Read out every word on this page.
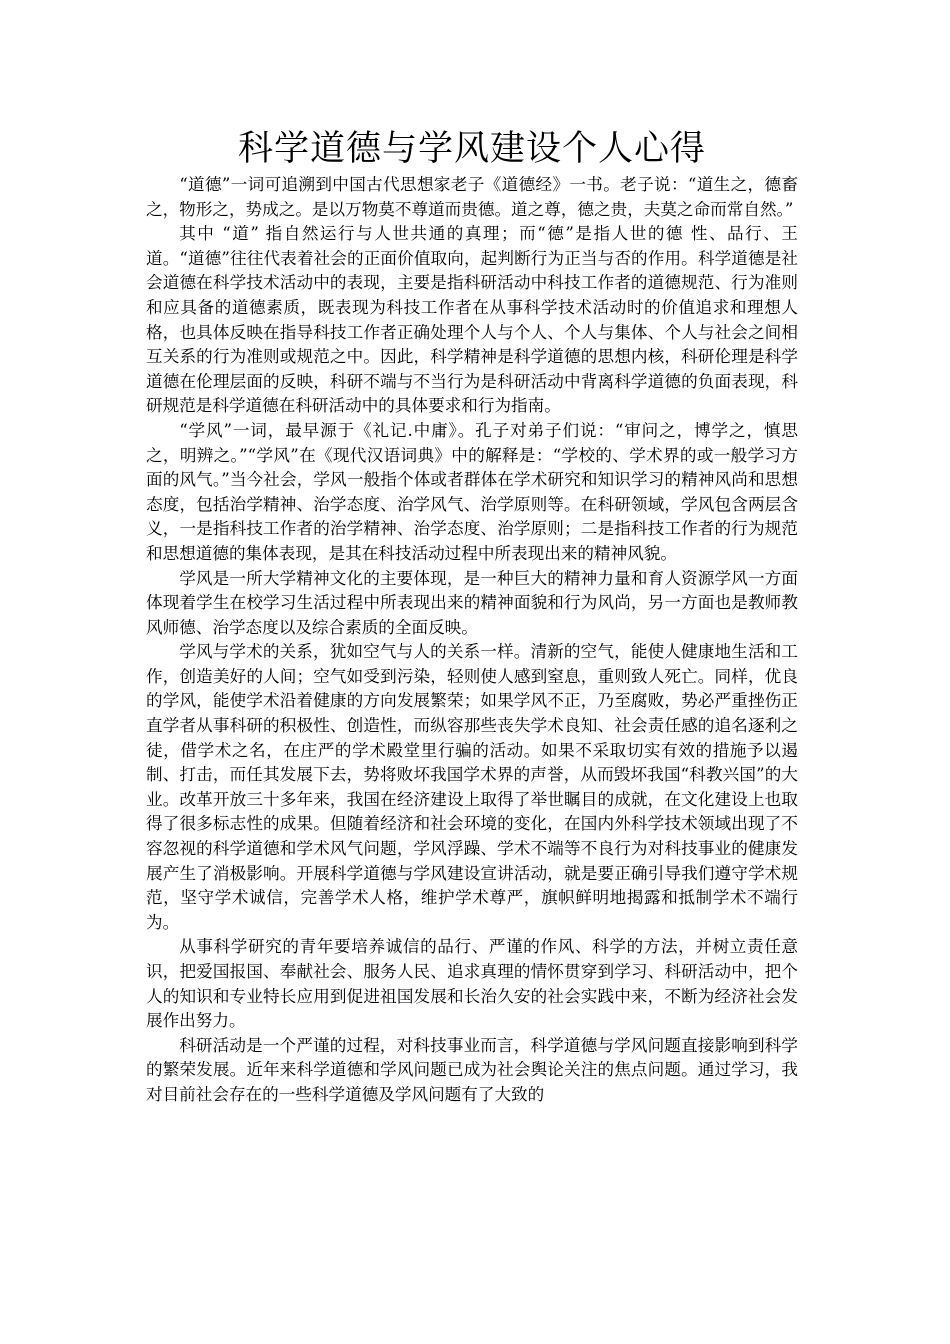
科学道德与学风建设个人心得

“道德”一词可追溯到中国古代思想家老子《道德经》一书。老子说：“道生之，德畜之，物形之，势成之。是以万物莫不尊道而贵德。道之尊，德之贵，夫莫之命而常自然。”

其中 “道” 指自然运行与人世共通的真理；而“德”是指人世的德 性、品行、王道。“道德”往往代表着社会的正面价值取向，起判断行为正当与否的作用。科学道德是社会道德在科学技术活动中的表现，主要是指科研活动中科技工作者的道德规范、行为准则和应具备的道德素质，既表现为科技工作者在从事科学技术活动时的价值追求和理想人格，也具体反映在指导科技工作者正确处理个人与个人、个人与集体、个人与社会之间相互关系的行为准则或规范之中。因此，科学精神是科学道德的思想内核，科研伦理是科学道德在伦理层面的反映，科研不端与不当行为是科研活动中背离科学道德的负面表现，科研规范是科学道德在科研活动中的具体要求和行为指南。

“学风”一词，最早源于《礼记.中庸》。孔子对弟子们说：“审问之，博学之，慎思之，明辨之。”“学风”在《现代汉语词典》中的解释是：“学校的、学术界的或一般学习方面的风气。”当今社会，学风一般指个体或者群体在学术研究和知识学习的精神风尚和思想态度，包括治学精神、治学态度、治学风气、治学原则等。在科研领域，学风包含两层含义，一是指科技工作者的治学精神、治学态度、治学原则；二是指科技工作者的行为规范和思想道德的集体表现，是其在科技活动过程中所表现出来的精神风貌。

学风是一所大学精神文化的主要体现，是一种巨大的精神力量和育人资源学风一方面体现着学生在校学习生活过程中所表现出来的精神面貌和行为风尚，另一方面也是教师教风师德、治学态度以及综合素质的全面反映。

学风与学术的关系，犹如空气与人的关系一样。清新的空气，能使人健康地生活和工作，创造美好的人间；空气如受到污染，轻则使人感到窒息，重则致人死亡。同样，优良的学风，能使学术沿着健康的方向发展繁荣；如果学风不正，乃至腐败，势必严重挫伤正直学者从事科研的积极性、创造性，而纵容那些丧失学术良知、社会责任感的追名逐利之徒，借学术之名，在庄严的学术殿堂里行骗的活动。如果不采取切实有效的措施予以遏制、打击，而任其发展下去，势将败坏我国学术界的声誉，从而毁坏我国“科教兴国”的大业。改革开放三十多年来，我国在经济建设上取得了举世瞩目的成就，在文化建设上也取得了很多标志性的成果。但随着经济和社会环境的变化，在国内外科学技术领域出现了不容忽视的科学道德和学术风气问题，学风浮躁、学术不端等不良行为对科技事业的健康发展产生了消极影响。开展科学道德与学风建设宣讲活动，就是要正确引导我们遵守学术规范，坚守学术诚信，完善学术人格，维护学术尊严，旗帜鲜明地揭露和抵制学术不端行为。

从事科学研究的青年要培养诚信的品行、严谨的作风、科学的方法，并树立责任意识，把爱国报国、奉献社会、服务人民、追求真理的情怀贯穿到学习、科研活动中，把个人的知识和专业特长应用到促进祖国发展和长治久安的社会实践中来，不断为经济社会发展作出努力。

科研活动是一个严谨的过程，对科技事业而言，科学道德与学风问题直接影响到科学的繁荣发展。近年来科学道德和学风问题已成为社会舆论关注的焦点问题。通过学习，我对目前社会存在的一些科学道德及学风问题有了大致的
